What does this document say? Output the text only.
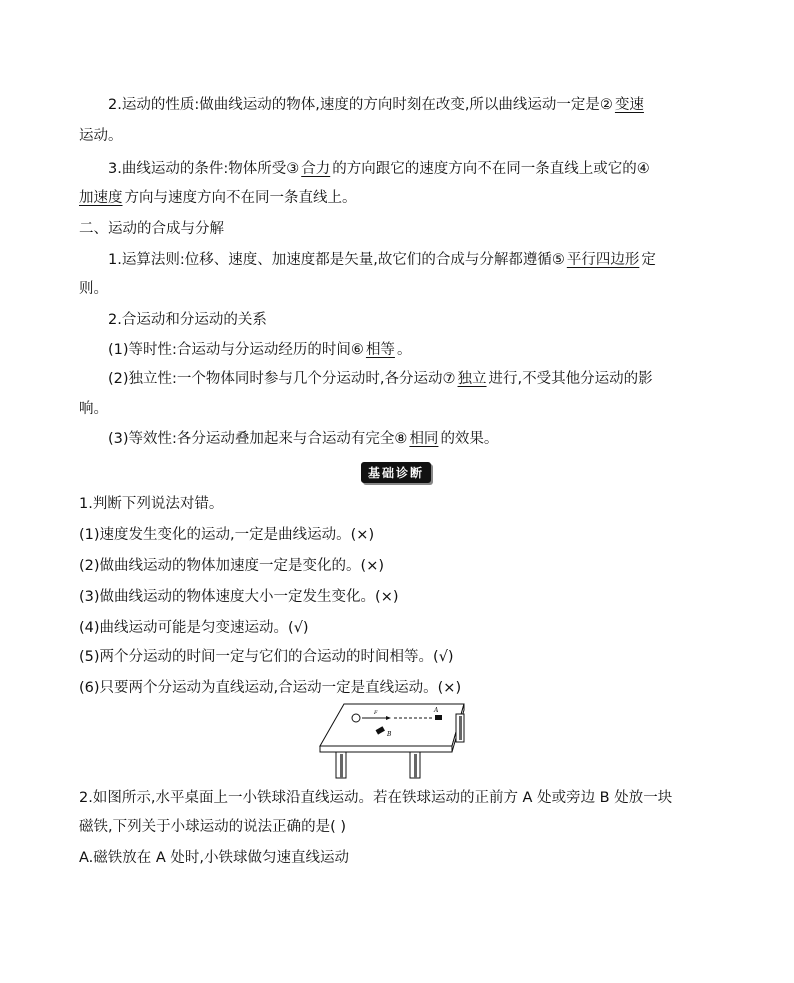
2.运动的性质:做曲线运动的物体,速度的方向时刻在改变,所以曲线运动一定是② 变速
运动。
3.曲线运动的条件:物体所受③ 合力 的方向跟它的速度方向不在同一条直线上或它的④
加速度 方向与速度方向不在同一条直线上。
二、运动的合成与分解
1.运算法则:位移、速度、加速度都是矢量,故它们的合成与分解都遵循⑤ 平行四边形 定
则。
2.合运动和分运动的关系
(1)等时性:合运动与分运动经历的时间⑥ 相等 。
(2)独立性:一个物体同时参与几个分运动时,各分运动⑦ 独立 进行,不受其他分运动的影
响。
(3)等效性:各分运动叠加起来与合运动有完全⑧ 相同 的效果。
基础诊断
1.判断下列说法对错。
(1)速度发生变化的运动,一定是曲线运动。(×)
(2)做曲线运动的物体加速度一定是变化的。(×)
(3)做曲线运动的物体速度大小一定发生变化。(×)
(4)曲线运动可能是匀变速运动。(√)
(5)两个分运动的时间一定与它们的合运动的时间相等。(√)
(6)只要两个分运动为直线运动,合运动一定是直线运动。(×)
F	A
B
2.如图所示,水平桌面上一小铁球沿直线运动。若在铁球运动的正前方 A 处或旁边 B 处放一块
磁铁,下列关于小球运动的说法正确的是( )
A.磁铁放在 A 处时,小铁球做匀速直线运动
